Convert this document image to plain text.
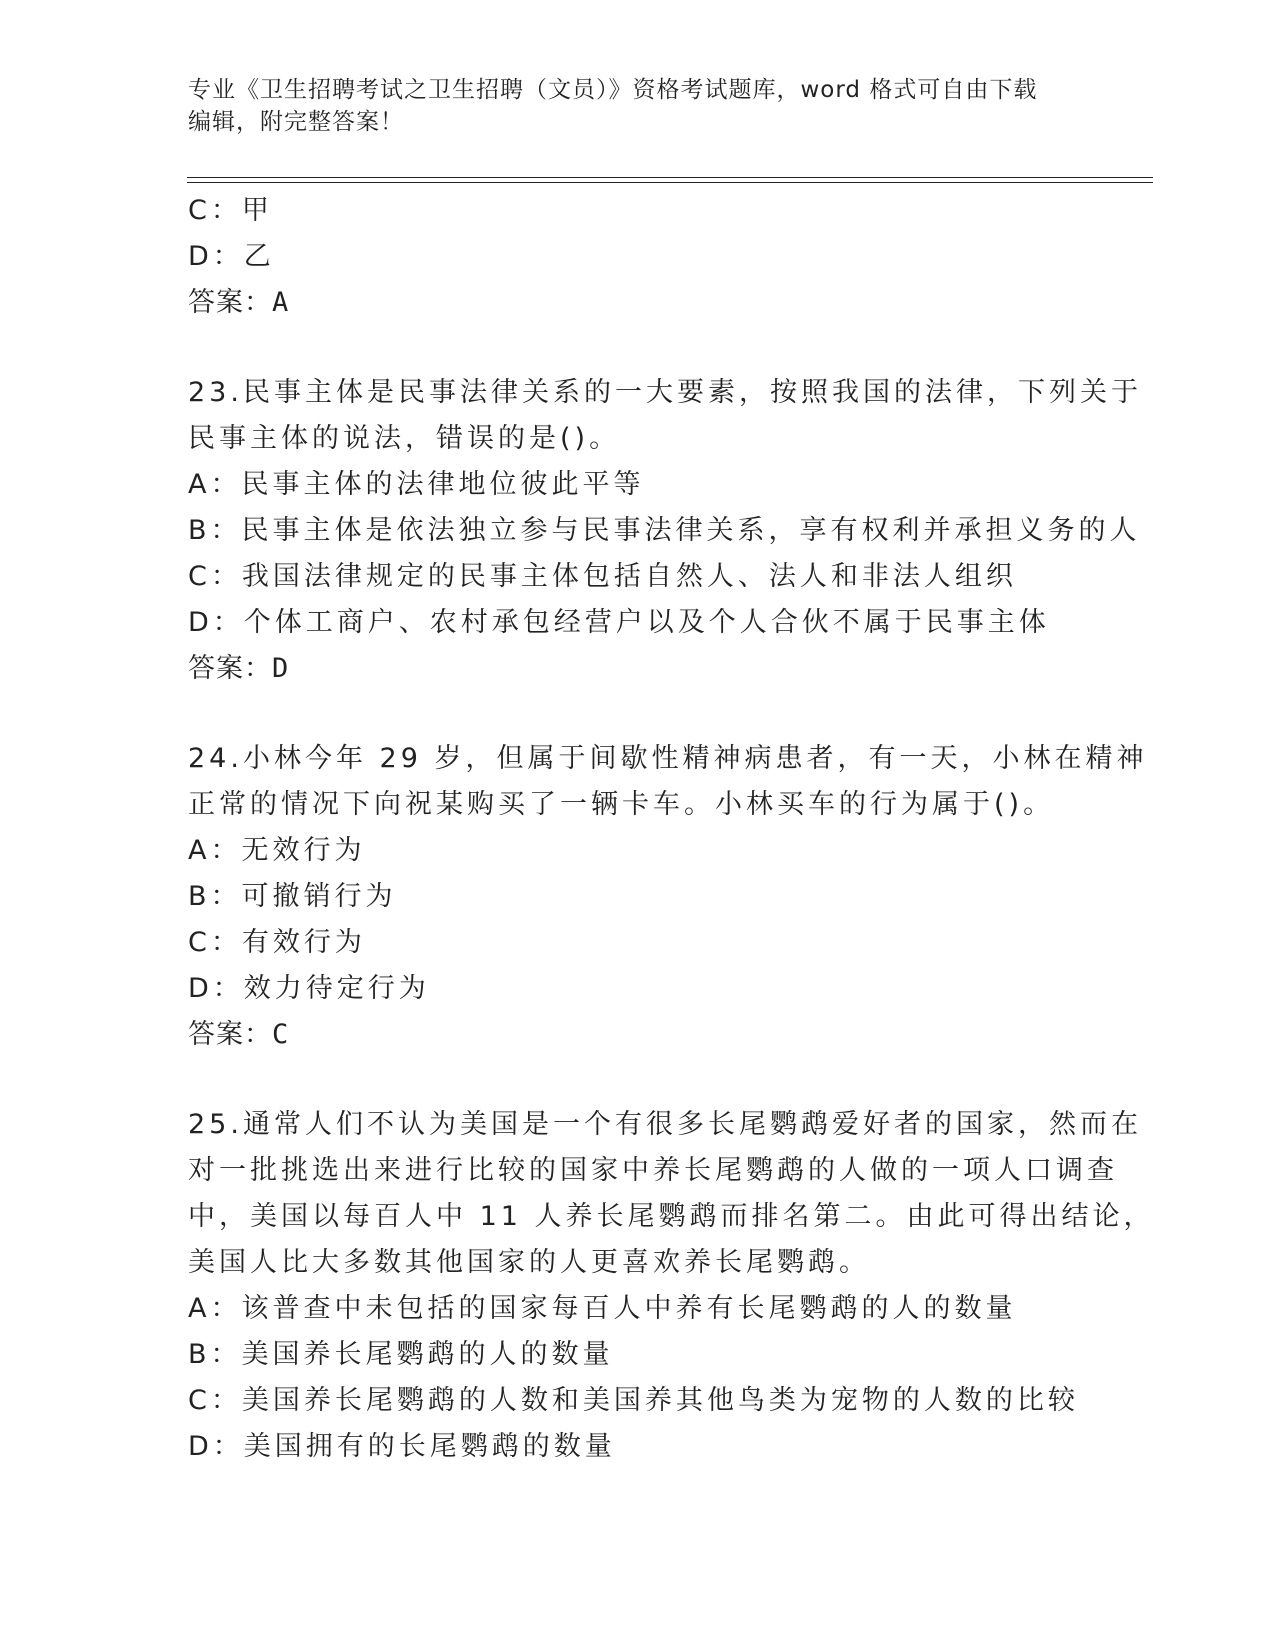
专业《卫生招聘考试之卫生招聘（文员）》资格考试题库，word 格式可自由下载
编辑，附完整答案！
C：甲
D：乙
答案：A
23.民事主体是民事法律关系的一大要素，按照我国的法律，下列关于
民事主体的说法，错误的是()。
A：民事主体的法律地位彼此平等
B：民事主体是依法独立参与民事法律关系，享有权利并承担义务的人
C：我国法律规定的民事主体包括自然人、法人和非法人组织
D：个体工商户、农村承包经营户以及个人合伙不属于民事主体
答案：D
24.小林今年 29 岁，但属于间歇性精神病患者，有一天，小林在精神
正常的情况下向祝某购买了一辆卡车。小林买车的行为属于()。
A：无效行为
B：可撤销行为
C：有效行为
D：效力待定行为
答案：C
25.通常人们不认为美国是一个有很多长尾鹦鹉爱好者的国家，然而在
对一批挑选出来进行比较的国家中养长尾鹦鹉的人做的一项人口调查
中，美国以每百人中 11 人养长尾鹦鹉而排名第二。由此可得出结论，
美国人比大多数其他国家的人更喜欢养长尾鹦鹉。
A：该普查中未包括的国家每百人中养有长尾鹦鹉的人的数量
B：美国养长尾鹦鹉的人的数量
C：美国养长尾鹦鹉的人数和美国养其他鸟类为宠物的人数的比较
D：美国拥有的长尾鹦鹉的数量
